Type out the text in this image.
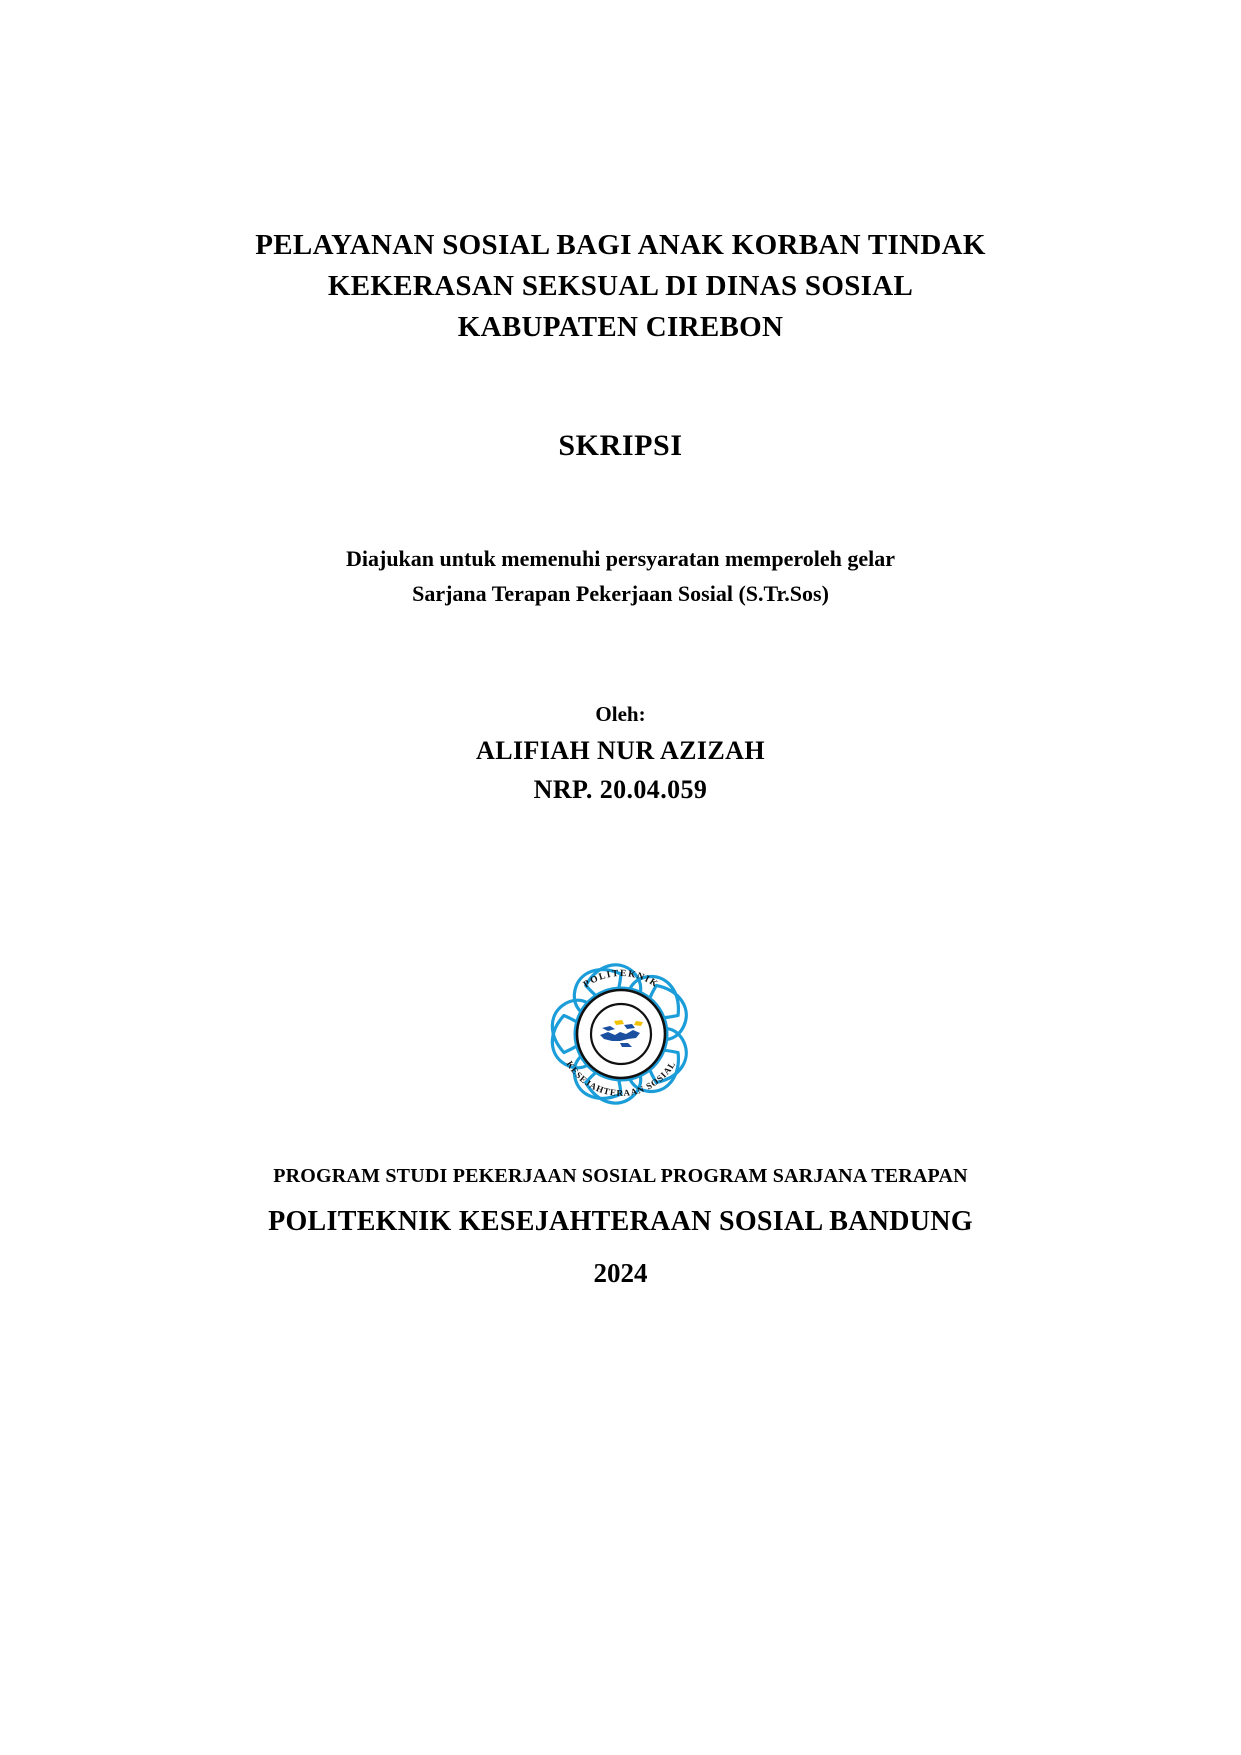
PELAYANAN SOSIAL BAGI ANAK KORBAN TINDAK
KEKERASAN SEKSUAL DI DINAS SOSIAL
KABUPATEN CIREBON
SKRIPSI
Diajukan untuk memenuhi persyaratan memperoleh gelar
Sarjana Terapan Pekerjaan Sosial (S.Tr.Sos)
Oleh:
ALIFIAH NUR AZIZAH
NRP. 20.04.059
POLITEKNIK
KESEJAHTERAAN SOSIAL
PROGRAM STUDI PEKERJAAN SOSIAL PROGRAM SARJANA TERAPAN
POLITEKNIK KESEJAHTERAAN SOSIAL BANDUNG
2024
